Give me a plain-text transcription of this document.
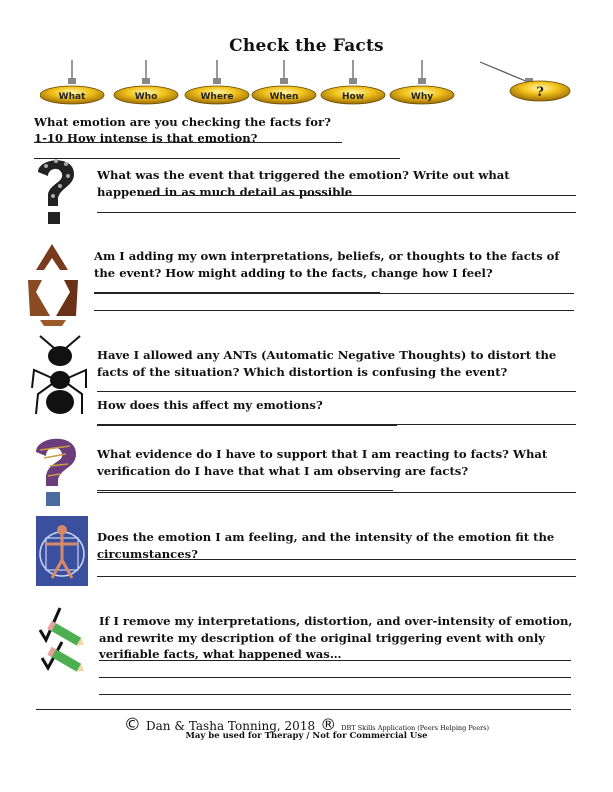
Check the Facts
What	Who	Where	When	How	Why	?
What emotion are you checking the facts for?
1-10 How intense is that emotion?
What was the event that triggered the emotion? Write out what happened in as much detail as possible
Am I adding my own interpretations, beliefs, or thoughts to the facts of the event? How might adding to the facts, change how I feel?
Have I allowed any ANTs (Automatic Negative Thoughts) to distort the facts of the situation? Which distortion is confusing the event?
How does this affect my emotions?
What evidence do I have to support that I am reacting to facts? What verification do I have that what I am observing are facts?
Does the emotion I am feeling, and the intensity of the emotion fit the circumstances?
If I remove my interpretations, distortion, and over-intensity of emotion, and rewrite my description of the original triggering event with only verifiable facts, what happened was…
© Dan & Tasha Tonning, 2018 ® DBT Skills Application (Peers Helping Peers)
May be used for Therapy / Not for Commercial Use
